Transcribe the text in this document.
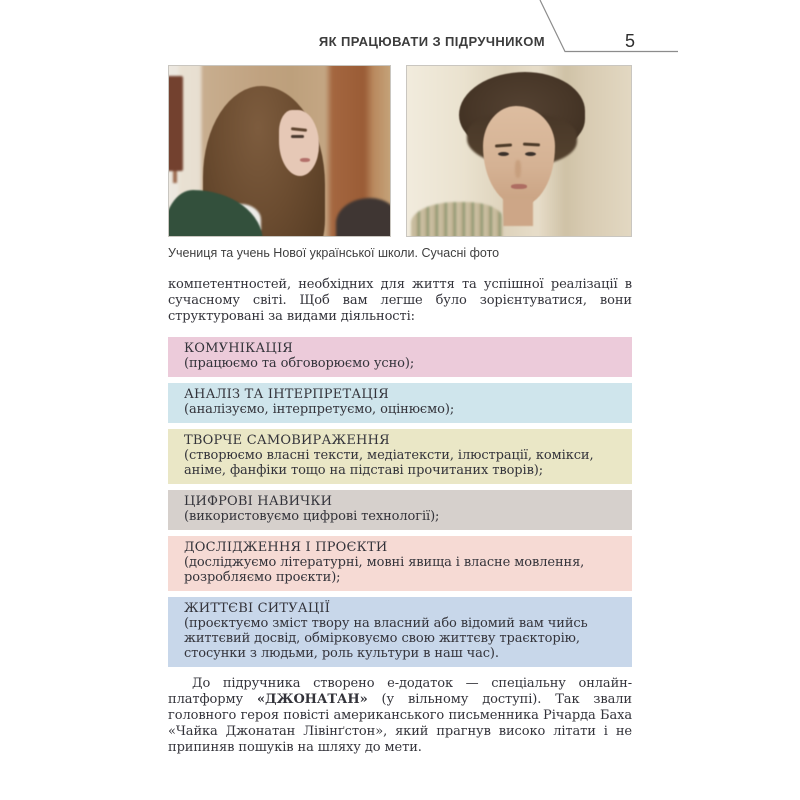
ЯК ПРАЦЮВАТИ З ПІДРУЧНИКОМ	5
Учениця та учень Нової української школи. Сучасні фото

компетентностей, необхідних для життя та успішної реалізації в сучасному світі. Щоб вам легше було зорієнтуватися, вони структуровані за видами діяльності:

КОМУНІКАЦІЯ
(працюємо та обговорюємо усно);
АНАЛІЗ ТА ІНТЕРПРЕТАЦІЯ
(аналізуємо, інтерпретуємо, оцінюємо);
ТВОРЧЕ САМОВИРАЖЕННЯ
(створюємо власні тексти, медіатексти, ілюстрації, комікси, аніме, фанфіки тощо на підставі прочитаних творів);
ЦИФРОВІ НАВИЧКИ
(використовуємо цифрові технології);
ДОСЛІДЖЕННЯ І ПРОЄКТИ
(досліджуємо літературні, мовні явища і власне мовлення, розробляємо проєкти);
ЖИТТЄВІ СИТУАЦІЇ
(проєктуємо зміст твору на власний або відомий вам чийсь життєвий досвід, обмірковуємо свою життєву траєкторію, стосунки з людьми, роль культури в наш час).

До підручника створено е-додаток — спеціальну онлайн-платформу «ДЖОНАТАН» (у вільному доступі). Так звали головного героя повісті американського письменника Річарда Баха «Чайка Джонатан Лівінґстон», який прагнув високо літати і не припиняв пошуків на шляху до мети.
